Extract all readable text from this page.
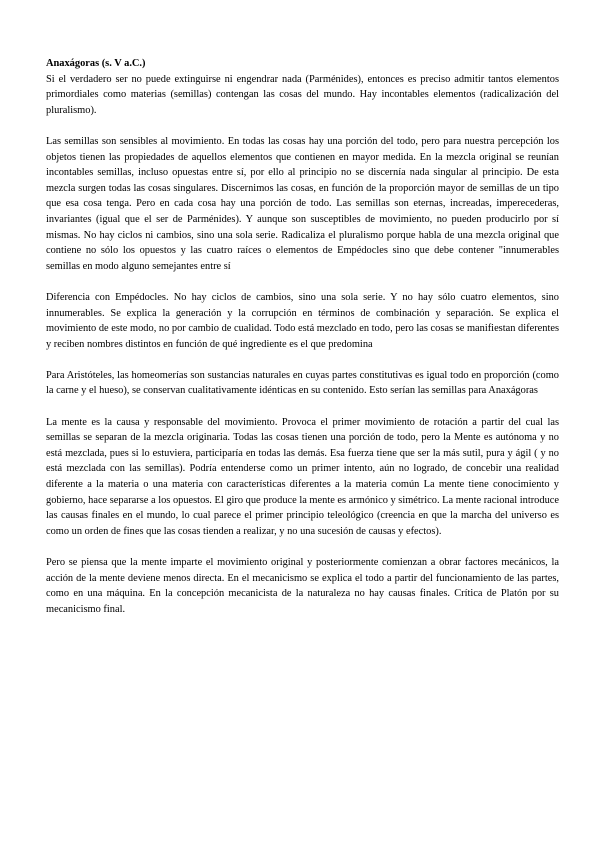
Anaxágoras (s. V a.C.)

Si el verdadero ser no puede extinguirse ni engendrar nada (Parménides), entonces es preciso admitir tantos elementos primordiales como materias (semillas) contengan las cosas del mundo. Hay incontables elementos (radicalización del pluralismo).

Las semillas son sensibles al movimiento. En todas las cosas hay una porción del todo, pero para nuestra percepción los objetos tienen las propiedades de aquellos elementos que contienen en mayor medida. En la mezcla original se reunían incontables semillas, incluso opuestas entre sí, por ello al principio no se discernía nada singular al principio. De esta mezcla surgen todas las cosas singulares. Discernimos las cosas, en función de la proporción mayor de semillas de un tipo que esa cosa tenga. Pero en cada cosa hay una porción de todo. Las semillas son eternas, increadas, imperecederas, invariantes (igual que el ser de Parménides). Y aunque son susceptibles de movimiento, no pueden producirlo por sí mismas. No hay ciclos ni cambios, sino una sola serie. Radicaliza el pluralismo porque habla de una mezcla original que contiene no sólo los opuestos y las cuatro raíces o elementos de Empédocles sino que debe contener "innumerables semillas en modo alguno semejantes entre sí

Diferencia con Empédocles. No hay ciclos de cambios, sino una sola serie. Y no hay sólo cuatro elementos, sino innumerables. Se explica la generación y la corrupción en términos de combinación y separación. Se explica el movimiento de este modo, no por cambio de cualidad. Todo está mezclado en todo, pero las cosas se manifiestan diferentes y reciben nombres distintos en función de qué ingrediente es el que predomina

Para Aristóteles, las homeomerías son sustancias naturales en cuyas partes constitutivas es igual todo en proporción (como la carne y el hueso), se conservan cualitativamente idénticas en su contenido. Esto serían las semillas para Anaxágoras

La mente es la causa y responsable del movimiento. Provoca el primer movimiento de rotación a partir del cual las semillas se separan de la mezcla originaria. Todas las cosas tienen una porción de todo, pero la Mente es autónoma y no está mezclada, pues si lo estuviera, participaría en todas las demás. Esa fuerza tiene que ser la más sutil, pura y ágil ( y no está mezclada con las semillas). Podría entenderse como un primer intento, aún no logrado, de concebir una realidad diferente a la materia o una materia con características diferentes a la materia común La mente tiene conocimiento y gobierno, hace separarse a los opuestos. El giro que produce la mente es armónico y simétrico. La mente racional introduce las causas finales en el mundo, lo cual parece el primer principio teleológico (creencia en que la marcha del universo es como un orden de fines que las cosas tienden a realizar, y no una sucesión de causas y efectos).

Pero se piensa que la mente imparte el movimiento original y posteriormente comienzan a obrar factores mecánicos, la acción de la mente deviene menos directa. En el mecanicismo se explica el todo a partir del funcionamiento de las partes, como en una máquina. En la concepción mecanicista de la naturaleza no hay causas finales. Crítica de Platón por su mecanicismo final.
